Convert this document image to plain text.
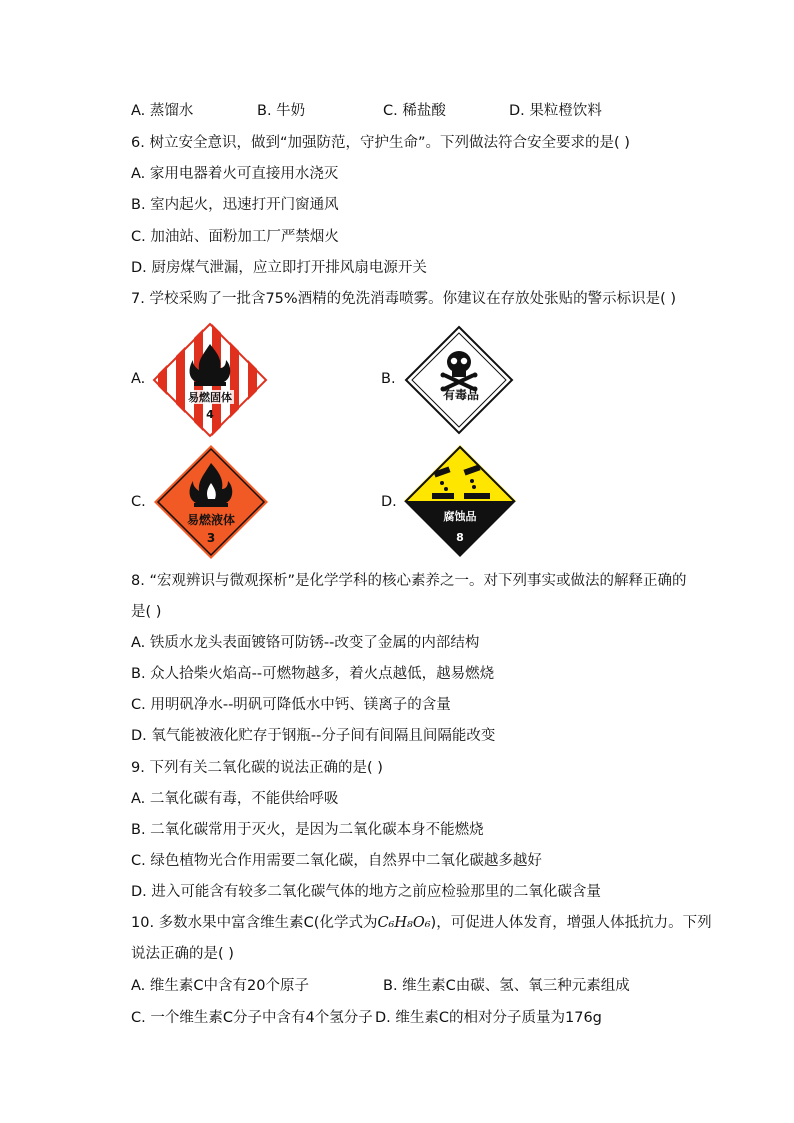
A. 蒸馏水	B. 牛奶	C. 稀盐酸	D. 果粒橙饮料
6. 树立安全意识，做到“加强防范，守护生命”。下列做法符合安全要求的是( )
A. 家用电器着火可直接用水浇灭
B. 室内起火，迅速打开门窗通风
C. 加油站、面粉加工厂严禁烟火
D. 厨房煤气泄漏，应立即打开排风扇电源开关
7. 学校采购了一批含75%酒精的免洗消毒喷雾。你建议在存放处张贴的警示标识是( )
A.
易燃固体
4
B.
有毒品
C.
易燃液体
3
D.
腐蚀品
8
8. “宏观辨识与微观探析”是化学学科的核心素养之一。对下列事实或做法的解释正确的
是( )
A. 铁质水龙头表面镀铬可防锈--改变了金属的内部结构
B. 众人拾柴火焰高--可燃物越多，着火点越低，越易燃烧
C. 用明矾净水--明矾可降低水中钙、镁离子的含量
D. 氧气能被液化贮存于钢瓶--分子间有间隔且间隔能改变
9. 下列有关二氧化碳的说法正确的是( )
A. 二氧化碳有毒，不能供给呼吸
B. 二氧化碳常用于灭火，是因为二氧化碳本身不能燃烧
C. 绿色植物光合作用需要二氧化碳，自然界中二氧化碳越多越好
D. 进入可能含有较多二氧化碳气体的地方之前应检验那里的二氧化碳含量
10. 多数水果中富含维生素C(化学式为C₆H₈O₆)，可促进人体发育，增强人体抵抗力。下列
说法正确的是( )
A. 维生素C中含有20个原子	B. 维生素C由碳、氢、氧三种元素组成
C. 一个维生素C分子中含有4个氢分子 D. 维生素C的相对分子质量为176g
